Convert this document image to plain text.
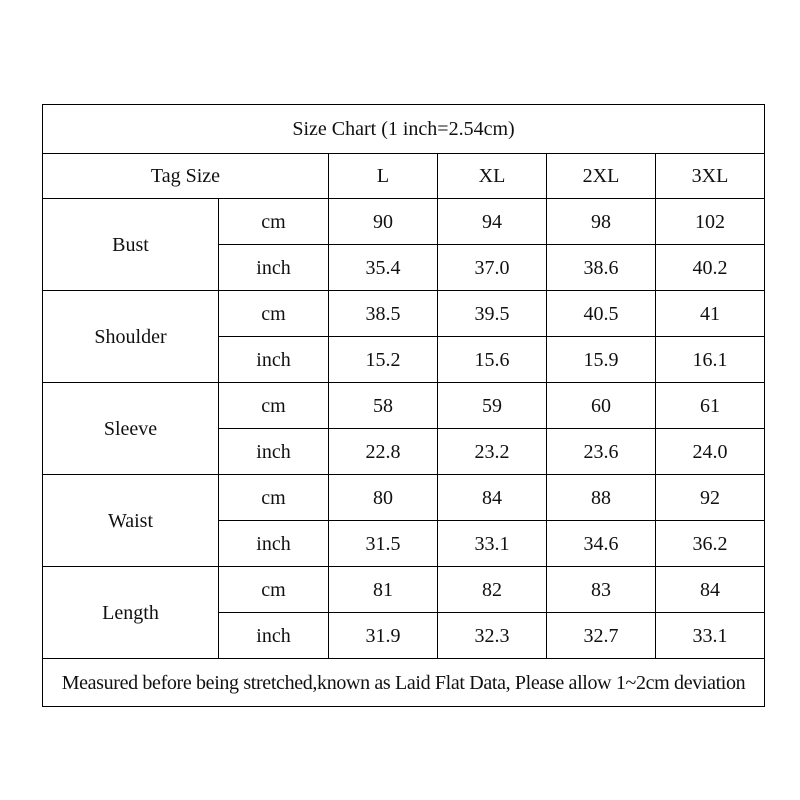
Size Chart (1 inch=2.54cm)					
Tag Size		L	XL	2XL	3XL
Bust	cm	90	94	98	102
	inch	35.4	37.0	38.6	40.2
Shoulder	cm	38.5	39.5	40.5	41
	inch	15.2	15.6	15.9	16.1
Sleeve	cm	58	59	60	61
	inch	22.8	23.2	23.6	24.0
Waist	cm	80	84	88	92
	inch	31.5	33.1	34.6	36.2
Length	cm	81	82	83	84
	inch	31.9	32.3	32.7	33.1
Measured before being stretched,known as Laid Flat Data, Please allow 1~2cm deviation					
